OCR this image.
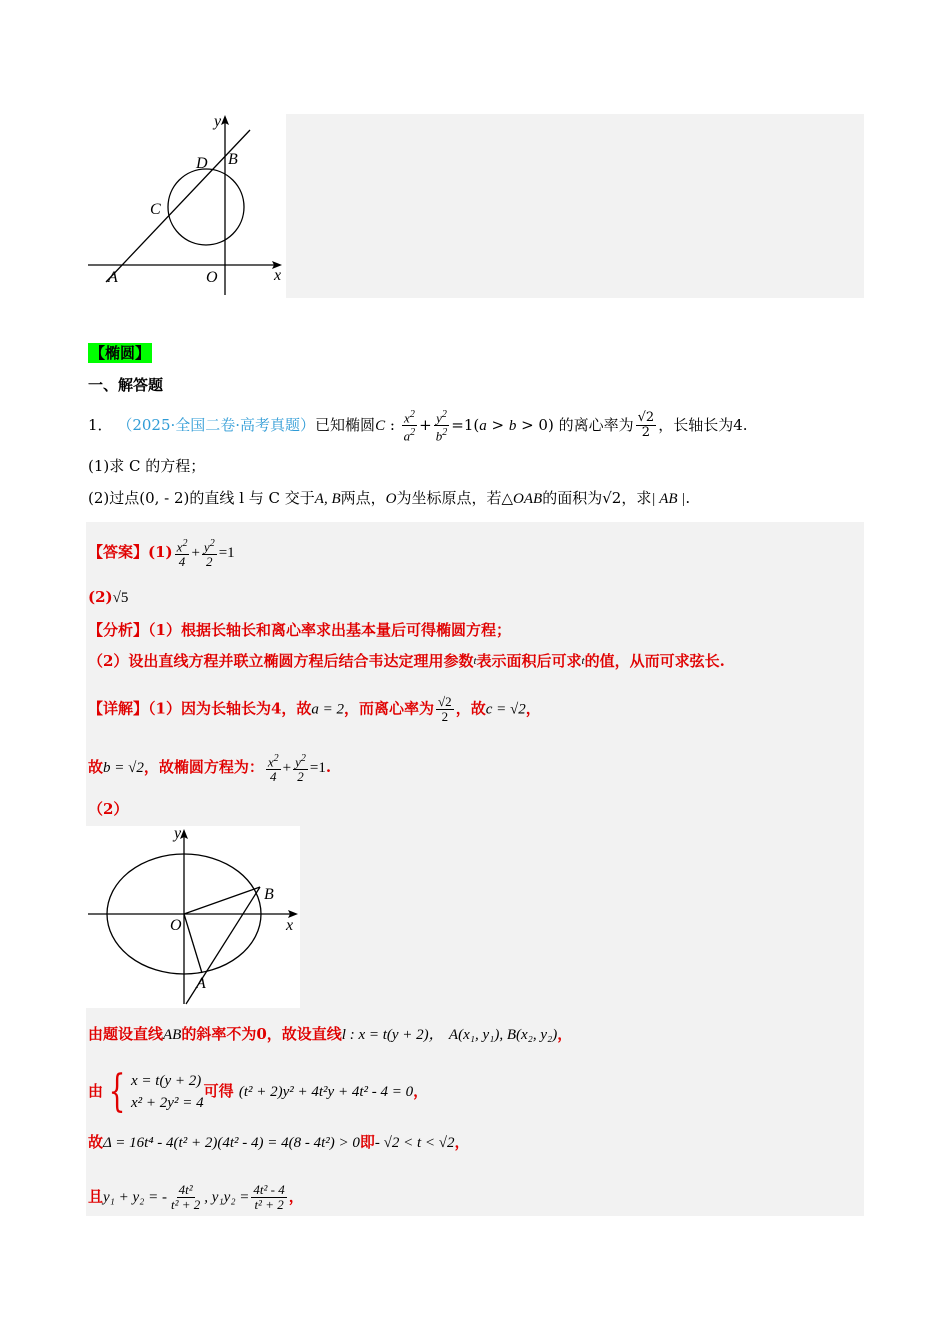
y
x
D B
C
A	O
【椭圆】
一、解答题
1． （2025·全国二卷·高考真题）已知椭圆C : $\frac{x^2}{a^2} + \frac{y^2}{b^2} =1(a > b > 0)$ 的离心率为 $\frac{√2}{2}$ ，长轴长为4.
(1)求 C 的方程；
(2)过点(0, - 2)的直线 l 与 C 交于A, B两点，O为坐标原点，若△OAB的面积为√2，求| AB |.
【答案】$(1) \frac{x^2}{4} + \frac{y^2}{2} =1$
(2)√5
【分析】（1）根据长轴长和离心率求出基本量后可得椭圆方程；
（2）设出直线方程并联立椭圆方程后结合韦达定理用参数$^t$表示面积后可求$^t$的值，从而可求弦长.
【详解】（1）因为长轴长为4，故a = 2，而离心率为 $\frac{√2}{2}$ ，故c = √2，
故b = √2，故椭圆方程为： $\frac{x^2}{4} + \frac{y^2}{2} =1$.
（2）
y
x
O
A
B
由题设直线AB的斜率不为0，故设直线l : x = t(y + 2)， A(x₁, y₁), B(x₂, y₂)，
由 { x = t(y + 2)
x² + 2y² = 4
可得 (t² + 2)y² + 4t²y + 4t² - 4 = 0，
故Δ = 16t⁴ - 4(t² + 2)(4t² - 4) = 4(8 - 4t²) > 0即- √2 < t < √2，
且y₁ + y₂ = - $\frac{\text{4t²}}{\text{t² + 2}}$ , $y_1y_2 = \frac{\text{4t² - 4}}{\text{t² + 2}}$ ，
